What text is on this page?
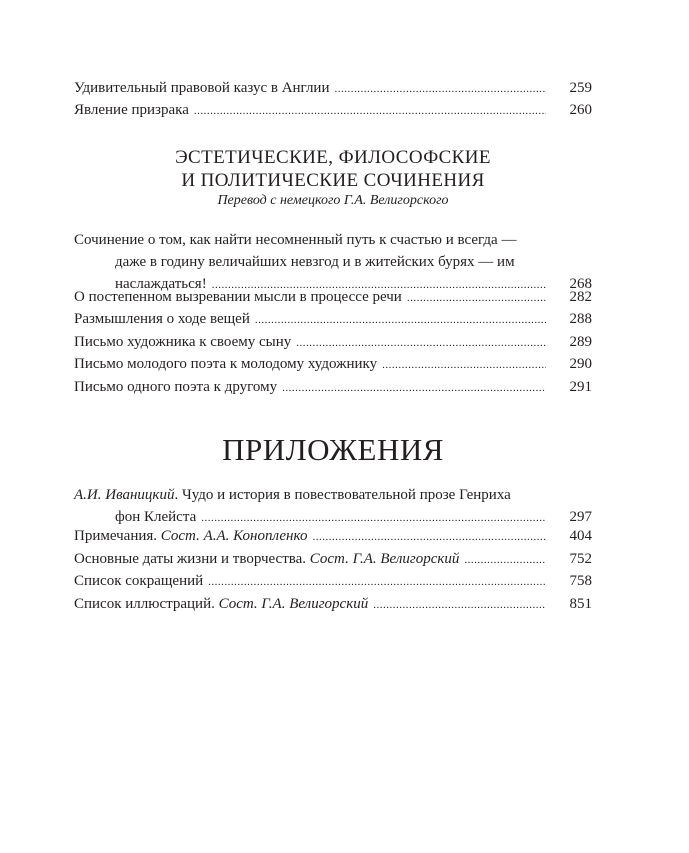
Удивительный правовой казус в Англии .....	259
Явление призрака .....	260
ЭСТЕТИЧЕСКИЕ, ФИЛОСОФСКИЕ
И ПОЛИТИЧЕСКИЕ СОЧИНЕНИЯ
Перевод с немецкого Г.А. Велигорского
Сочинение о том, как найти несомненный путь к счастью и всегда —
даже в годину величайших невзгод и в житейских бурях — им
наслаждаться! .....	268
О постепенном вызревании мысли в процессе речи .....	282
Размышления о ходе вещей .....	288
Письмо художника к своему сыну .....	289
Письмо молодого поэта к молодому художнику .....	290
Письмо одного поэта к другому .....	291
ПРИЛОЖЕНИЯ
А.И. Иваницкий. Чудо и история в повествовательной прозе Генриха
фон Клейста .....	297
Примечания. Сост. А.А. Конопленко .....	404
Основные даты жизни и творчества. Сост. Г.А. Велигорский .....	752
Список сокращений .....	758
Список иллюстраций. Сост. Г.А. Велигорский .....	851
